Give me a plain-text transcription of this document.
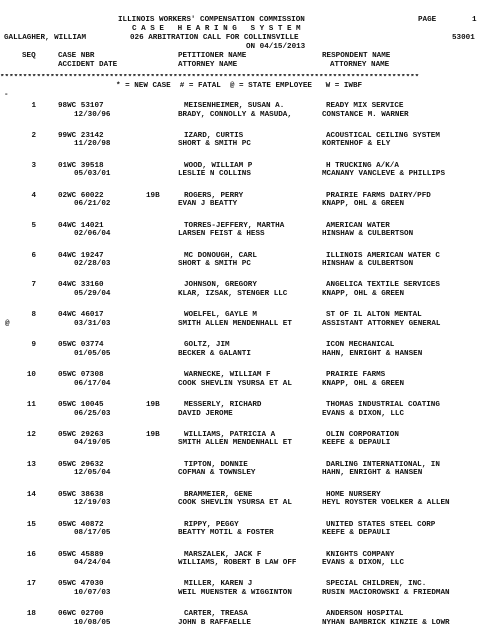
ILLINOIS WORKERS' COMPENSATION COMMISSION	PAGE	1
C A S E   H E A R I N G   S Y S T E M
GALLAGHER, WILLIAM	026 ARBITRATION CALL FOR COLLINSVILLE	53001
ON 04/15/2013
SEQ	CASE NBR	PETITIONER NAME	RESPONDENT NAME
ACCIDENT DATE	ATTORNEY NAME	ATTORNEY NAME
********************************************************************************************
* = NEW CASE  # = FATAL  @ = STATE EMPLOYEE   W = IWBF
-
1	98WC 53107	MEISENHEIMER, SUSAN A.	READY MIX SERVICE
12/30/96	BRADY, CONNOLLY & MASUDA,	CONSTANCE M. WARNER
2	99WC 23142	IZARD, CURTIS	ACOUSTICAL CEILING SYSTEM
11/20/98	SHORT & SMITH PC	KORTENHOF & ELY
3	01WC 39518	WOOD, WILLIAM P	H TRUCKING A/K/A
05/03/01	LESLIE N COLLINS	MCANANY VANCLEVE & PHILLIPS
4	02WC 60022	19B	ROGERS, PERRY	PRAIRIE FARMS DAIRY/PFD
06/21/02	EVAN J BEATTY	KNAPP, OHL & GREEN
5	04WC 14021	TORRES-JEFFERY, MARTHA	AMERICAN WATER
02/06/04	LARSEN FEIST & HESS	HINSHAW & CULBERTSON
6	04WC 19247	MC DONOUGH, CARL	ILLINOIS AMERICAN WATER C
02/28/03	SHORT & SMITH PC	HINSHAW & CULBERTSON
7	04WC 33160	JOHNSON, GREGORY	ANGELICA TEXTILE SERVICES
05/29/04	KLAR, IZSAK, STENGER LLC	KNAPP, OHL & GREEN
8	04WC 46017	WOELFEL, GAYLE M	ST OF IL ALTON MENTAL
@	03/31/03	SMITH ALLEN MENDENHALL ET	ASSISTANT ATTORNEY GENERAL
9	05WC 03774	GOLTZ, JIM	ICON MECHANICAL
01/05/05	BECKER & GALANTI	HAHN, ENRIGHT & HANSEN
10	05WC 07308	WARNECKE, WILLIAM F	PRAIRIE FARMS
06/17/04	COOK SHEVLIN YSURSA ET AL	KNAPP, OHL & GREEN
11	05WC 10045	19B	MESSERLY, RICHARD	THOMAS INDUSTRIAL COATING
06/25/03	DAVID JEROME	EVANS & DIXON, LLC
12	05WC 29263	19B	WILLIAMS, PATRICIA A	OLIN CORPORATION
04/19/05	SMITH ALLEN MENDENHALL ET	KEEFE & DEPAULI
13	05WC 29632	TIPTON, DONNIE	DARLING INTERNATIONAL, IN
12/05/04	COFMAN & TOWNSLEY	HAHN, ENRIGHT & HANSEN
14	05WC 38638	BRAMMEIER, GENE	HOME NURSERY
12/19/03	COOK SHEVLIN YSURSA ET AL	HEYL ROYSTER VOELKER & ALLEN
15	05WC 40872	RIPPY, PEGGY	UNITED STATES STEEL CORP
08/17/05	BEATTY MOTIL & FOSTER	KEEFE & DEPAULI
16	05WC 45889	MARSZALEK, JACK F	KNIGHTS COMPANY
04/24/04	WILLIAMS, ROBERT B LAW OFF	EVANS & DIXON, LLC
17	05WC 47030	MILLER, KAREN J	SPECIAL CHILDREN, INC.
10/07/03	WEIL MUENSTER & WIGGINTON	RUSIN MACIOROWSKI & FRIEDMAN
18	06WC 02700	CARTER, TREASA	ANDERSON HOSPITAL
10/08/05	JOHN B RAFFAELLE	NYHAN BAMBRICK KINZIE & LOWR
